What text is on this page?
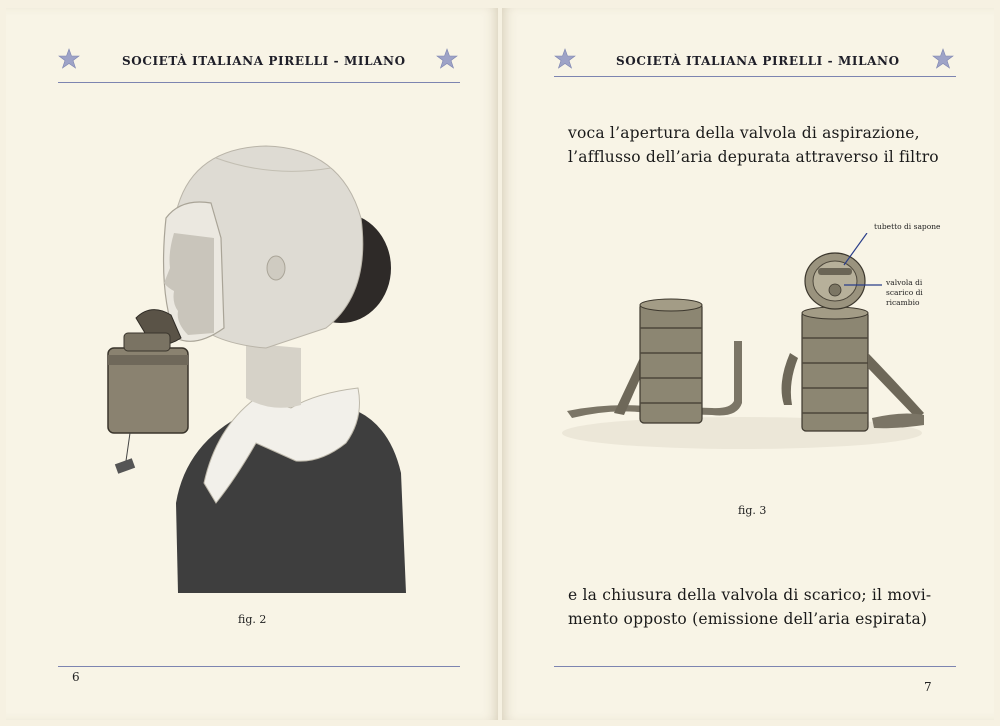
SOCIETÀ ITALIANA PIRELLI - MILANO
fig. 2
6
SOCIETÀ ITALIANA PIRELLI - MILANO
voca l’apertura della valvola di aspirazione,
l’afflusso dell’aria depurata attraverso il filtro
tubetto di sapone
valvola di
scarico di
ricambio
fig. 3
e la chiusura della valvola di scarico; il movi-
mento opposto (emissione dell’aria espirata)
7
